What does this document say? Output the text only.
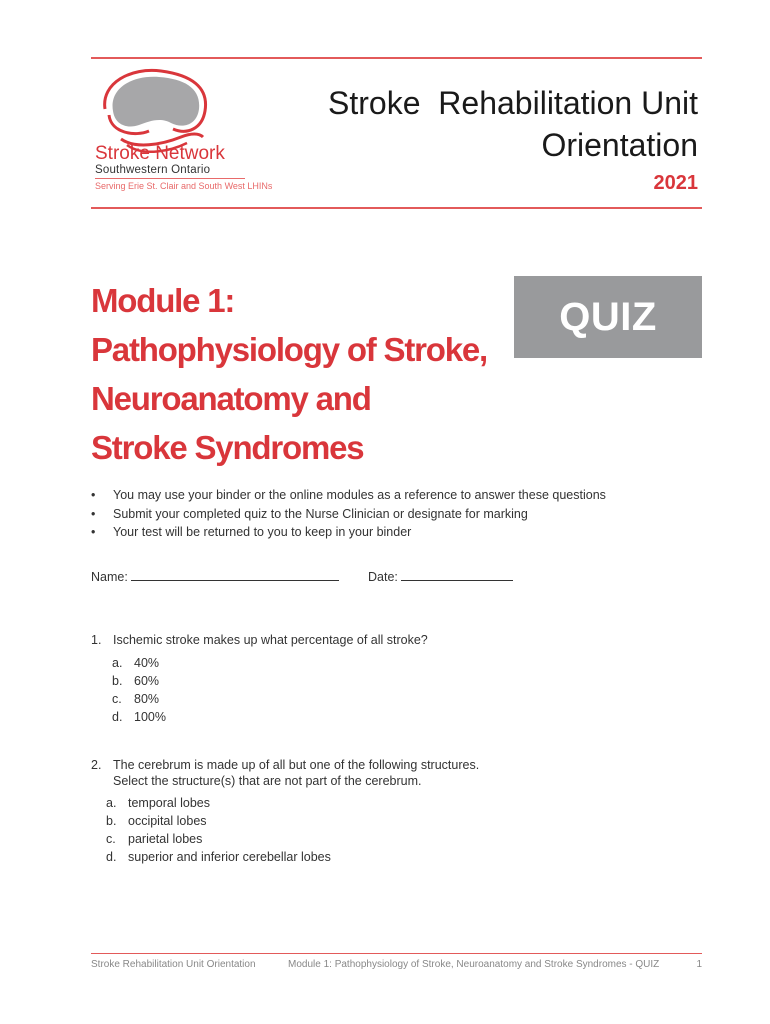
Stroke Network
Southwestern Ontario
Serving Erie St. Clair and South West LHINs
Stroke  Rehabilitation Unit
Orientation
2021
Module 1:
Pathophysiology of Stroke,
Neuroanatomy and
Stroke Syndromes
QUIZ
• You may use your binder or the online modules as a reference to answer these questions
• Submit your completed quiz to the Nurse Clinician or designate for marking
• Your test will be returned to you to keep in your binder
Name:	Date:
1. Ischemic stroke makes up what percentage of all stroke?
a. 40%
b. 60%
c. 80%
d. 100%
2. The cerebrum is made up of all but one of the following structures.
Select the structure(s) that are not part of the cerebrum.
a. temporal lobes
b. occipital lobes
c. parietal lobes
d. superior and inferior cerebellar lobes
Stroke Rehabilitation Unit Orientation	Module 1: Pathophysiology of Stroke, Neuroanatomy and Stroke Syndromes - QUIZ	1
